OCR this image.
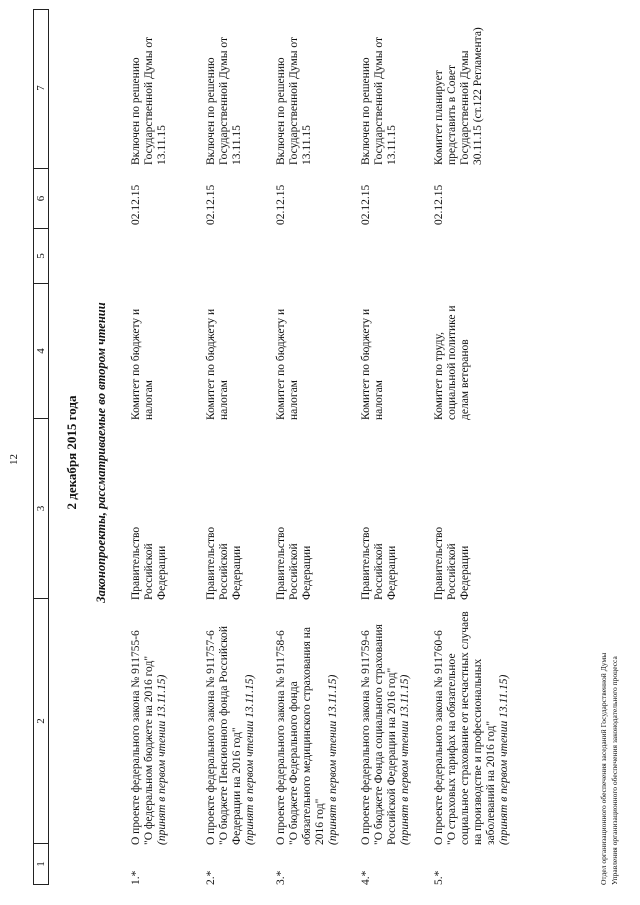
12
1
2
3
4
5
6
7
2 декабря 2015 года Законопроекты, рассматриваемые во втором чтении
1.*
О проекте федерального закона № 911755-6 "О федеральном бюджете на 2016 год" (принят в первом чтении 13.11.15)
Правительство Российской Федерации
Комитет по бюджету и налогам
02.12.15
Включен по решению Государственной Думы от 13.11.15
2.*
О проекте федерального закона № 911757-6 "О бюджете Пенсионного фонда Российской Федерации на 2016 год" (принят в первом чтении 13.11.15)
Правительство Российской Федерации
Комитет по бюджету и налогам
02.12.15
Включен по решению Государственной Думы от 13.11.15
3.*
О проекте федерального закона № 911758-6 "О бюджете Федерального фонда обязательного медицинского страхования на 2016 год" (принят в первом чтении 13.11.15)
Правительство Российской Федерации
Комитет по бюджету и налогам
02.12.15
Включен по решению Государственной Думы от 13.11.15
4.*
О проекте федерального закона № 911759-6 "О бюджете Фонда социального страхования Российской Федерации на 2016 год" (принят в первом чтении 13.11.15)
Правительство Российской Федерации
Комитет по бюджету и налогам
02.12.15
Включен по решению Государственной Думы от 13.11.15
5.*
О проекте федерального закона № 911760-6 "О страховых тарифах на обязательное социальное страхование от несчастных случаев на производстве и профессиональных заболеваний на 2016 год" (принят в первом чтении 13.11.15)
Правительство Российской Федерации
Комитет по труду, социальной политике и делам ветеранов
02.12.15
Комитет планирует представить в Совет Государственной Думы 30.11.15 (ст.122 Регламента)
Отдел организационного обеспечения заседаний Государственной Думы Управления организационного обеспечения законодательного процесса
